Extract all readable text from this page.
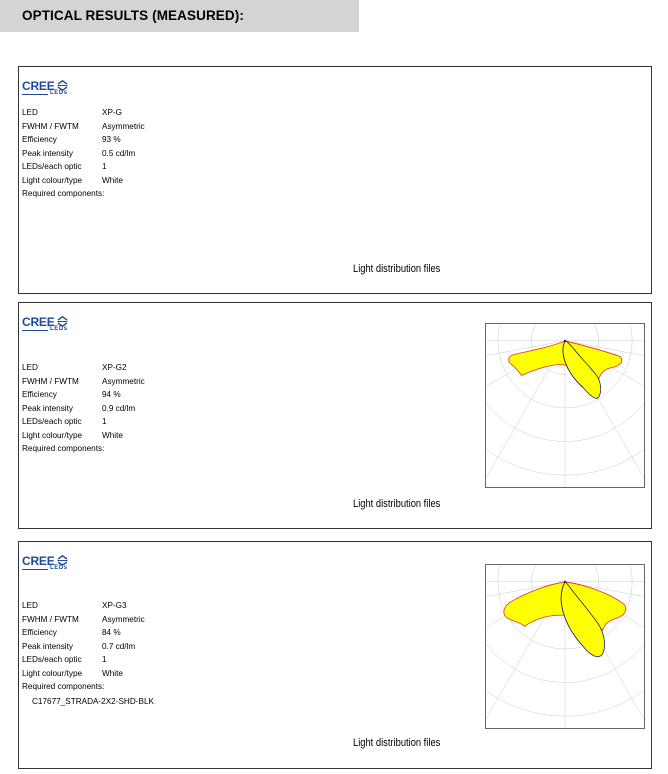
OPTICAL RESULTS (MEASURED):
CREE
LEDs
LED	XP-G
FWHM / FWTM	Asymmetric
Efficiency	93 %
Peak intensity	0.5 cd/lm
LEDs/each optic	1
Light colour/type	White
Required components:
Light distribution files
CREE
LEDs
LED	XP-G2
FWHM / FWTM	Asymmetric
Efficiency	94 %
Peak intensity	0.9 cd/lm
LEDs/each optic	1
Light colour/type	White
Required components:
Light distribution files
CREE
LEDs
LED	XP-G3
FWHM / FWTM	Asymmetric
Efficiency	84 %
Peak intensity	0.7 cd/lm
LEDs/each optic	1
Light colour/type	White
Required components:
C17677_STRADA-2X2-SHD-BLK
Light distribution files
